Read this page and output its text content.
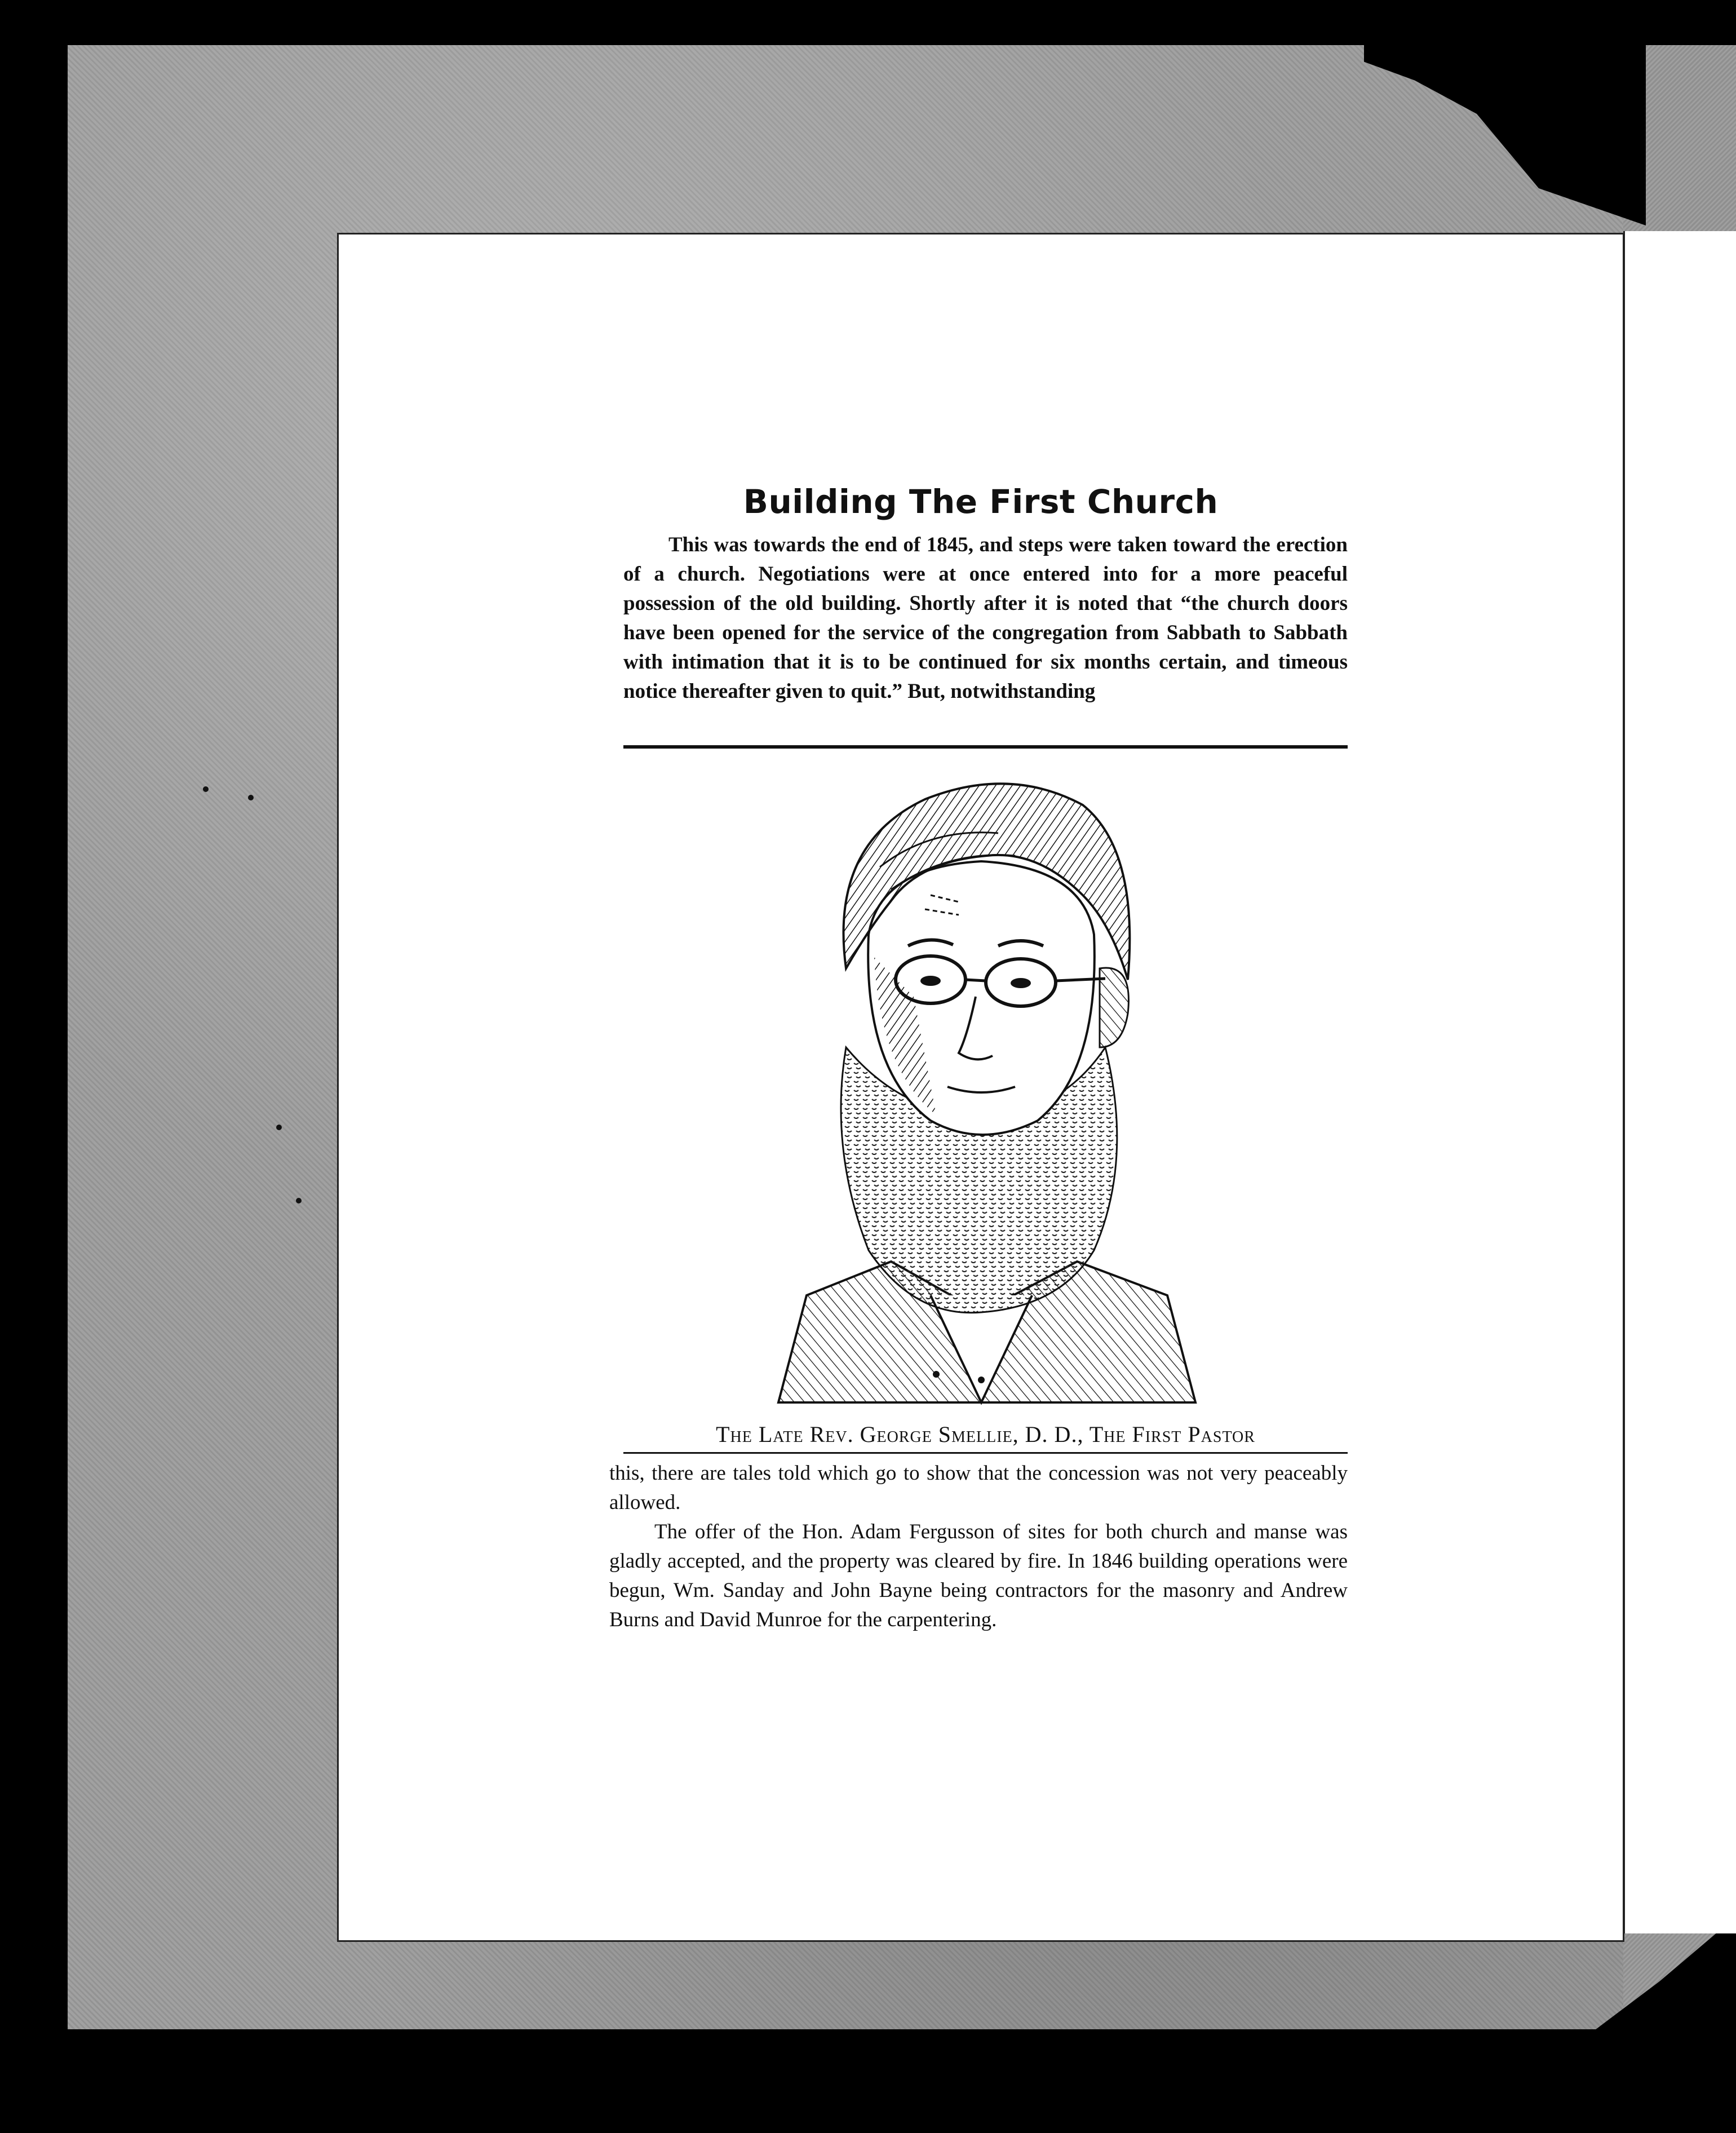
Building The First Church
This was towards the end of 1845, and steps were taken toward the erection of a church. Negotiations were at once entered into for a more peaceful possession of the old building. Shortly after it is noted that “the church doors have been opened for the service of the congregation from Sabbath to Sabbath with intimation that it is to be continued for six months certain, and timeous notice thereafter given to quit.” But, notwithstanding
The Late Rev. George Smellie, D. D., The First Pastor

this, there are tales told which go to show that the concession was not very peaceably allowed.

The offer of the Hon. Adam Fergusson of sites for both church and manse was gladly accepted, and the property was cleared by fire. In 1846 building operations were begun, Wm. Sanday and John Bayne being contractors for the masonry and Andrew Burns and David Munroe for the carpentering.
